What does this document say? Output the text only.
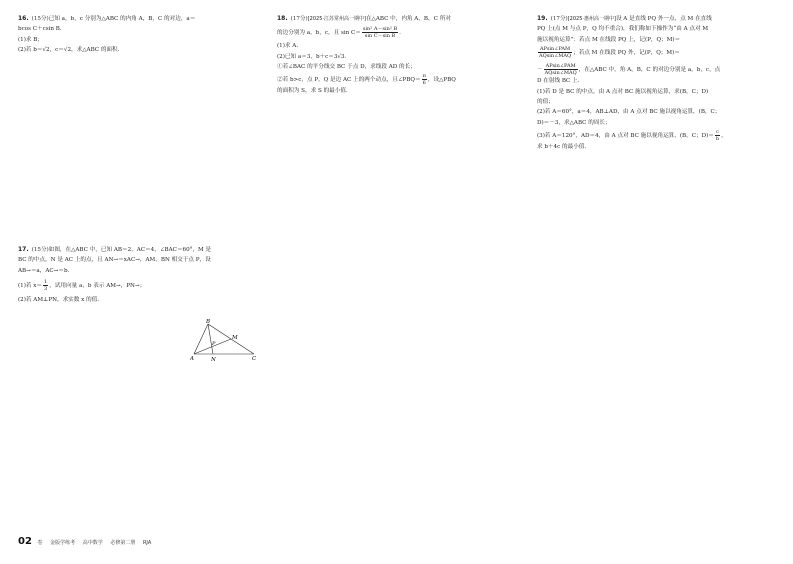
16. (15分)已知 a，b，c 分别为△ABC 的内角 A，B，C 的对边，a＝

bcos C＋csin B.

(1)求 B；

(2)若 b＝√2，c＝√2，求△ABC 的面积.

17. (15分)如图，在△ABC 中，已知 AB＝2，AC＝4，∠BAC＝60°，M 是

BC 的中点，N 是 AC 上的点，且 AN→＝xAC→，AM，BN 相交于点 P，设

AB→＝a，AC→＝b.

(1)若 $x= \frac{1}{3}$ ，试用向量 a，b 表示 AM→，PN→；

(2)若 AM⊥PN，求实数 x 的值.

B
A	N	C
M
P

18. (17分)[2025·江苏常州高一期中]在△ABC 中，内角 A，B，C 所对

的边分别为 a，b，c，且 $\sin C= \frac{\text{sin² A－sin² B}}{\text{sin C－sin B}}$ .

(1)求 A.

(2)已知 a＝3，b＋c＝3√3.

①若∠BAC 的平分线交 BC 于点 D，求线段 AD 的长；

②若 b>c，点 P，Q 是边 AC 上的两个动点，且∠PBQ＝ $\frac{\pi}{6}$ ，设△PBQ

的面积为 S，求 S 的最小值.

19. (17分)[2025·惠州高一期中]设 A 是直线 PQ 外一点，点 M 在直线

PQ 上(点 M 与点 P，Q 均不重合)，我们称如下操作为“由 A 点对 M

施以视角运算”：若点 M 在线段 PQ 上，记(P，Q；M)＝

$\frac{\text{APsin∠PAM}}{\text{AQsin∠MAQ}}$ ；若点 M 在线段 PQ 外，记(P，Q；M)＝

－ $\frac{\text{APsin∠PAM}}{\text{AQsin∠MAQ}}$ ，在△ABC 中，角 A，B，C 的对边分别是 a，b，c，点

D 在射线 BC 上.

(1)若 D 是 BC 的中点，由 A 点对 BC 施以视角运算，求(B，C；D)

的值；

(2)若 A＝60°，a＝4，AB⊥AD，由 A 点对 BC 施以视角运算，(B，C；

D)＝－3，求△ABC 的周长；

(3)若 A＝120°，AD＝4，由 A 点对 BC 施以视角运算，(B，C；$D)= \frac{c}{b}$ ，

求 b＋4c 的最小值.

02 卷 金版学练考 高中数学 必修第二册 RJA
